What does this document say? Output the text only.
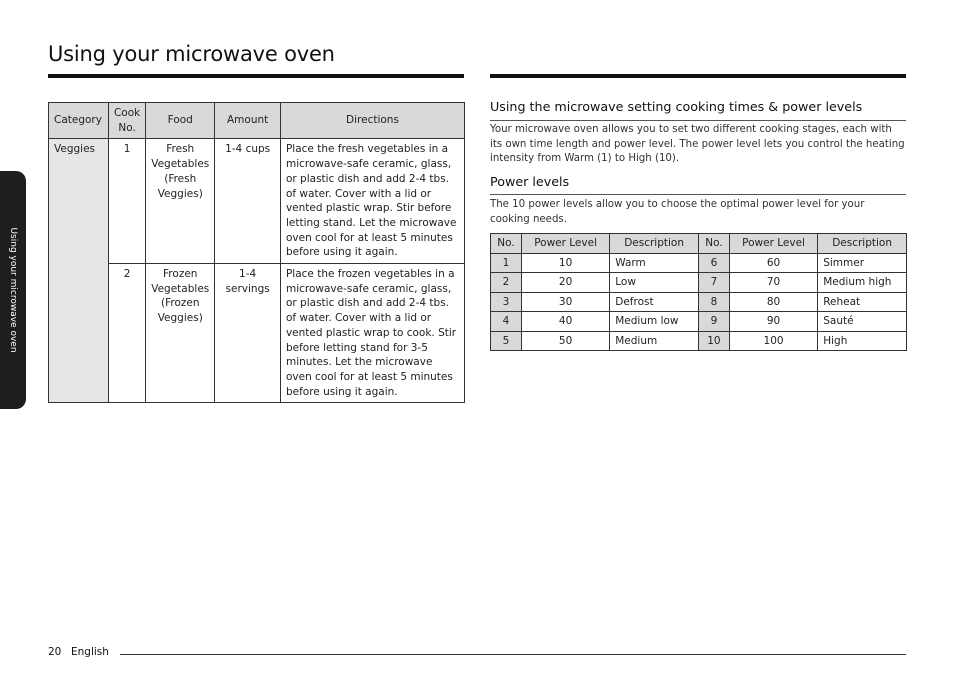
Using your microwave oven
Using your microwave oven
Category	Cook No.	Food	Amount	Directions
Veggies	1	Fresh Vegetables (Fresh Veggies)	1-4 cups	Place the fresh vegetables in a microwave-safe ceramic, glass, or plastic dish and add 2-4 tbs. of water. Cover with a lid or vented plastic wrap. Stir before letting stand. Let the microwave oven cool for at least 5 minutes before using it again.
	2	Frozen Vegetables (Frozen Veggies)	1-4 servings	Place the frozen vegetables in a microwave-safe ceramic, glass, or plastic dish and add 2-4 tbs. of water. Cover with a lid or vented plastic wrap to cook. Stir before letting stand for 3-5 minutes. Let the microwave oven cool for at least 5 minutes before using it again.
Using the microwave setting cooking times & power levels

Your microwave oven allows you to set two different cooking stages, each with its own time length and power level. The power level lets you control the heating intensity from Warm (1) to High (10).

Power levels

The 10 power levels allow you to choose the optimal power level for your cooking needs.

No.	Power Level	Description	No.	Power Level	Description
1	10	Warm	6	60	Simmer
2	20	Low	7	70	Medium high
3	30	Defrost	8	80	Reheat
4	40	Medium low	9	90	Sauté
5	50	Medium	10	100	High
20 English
